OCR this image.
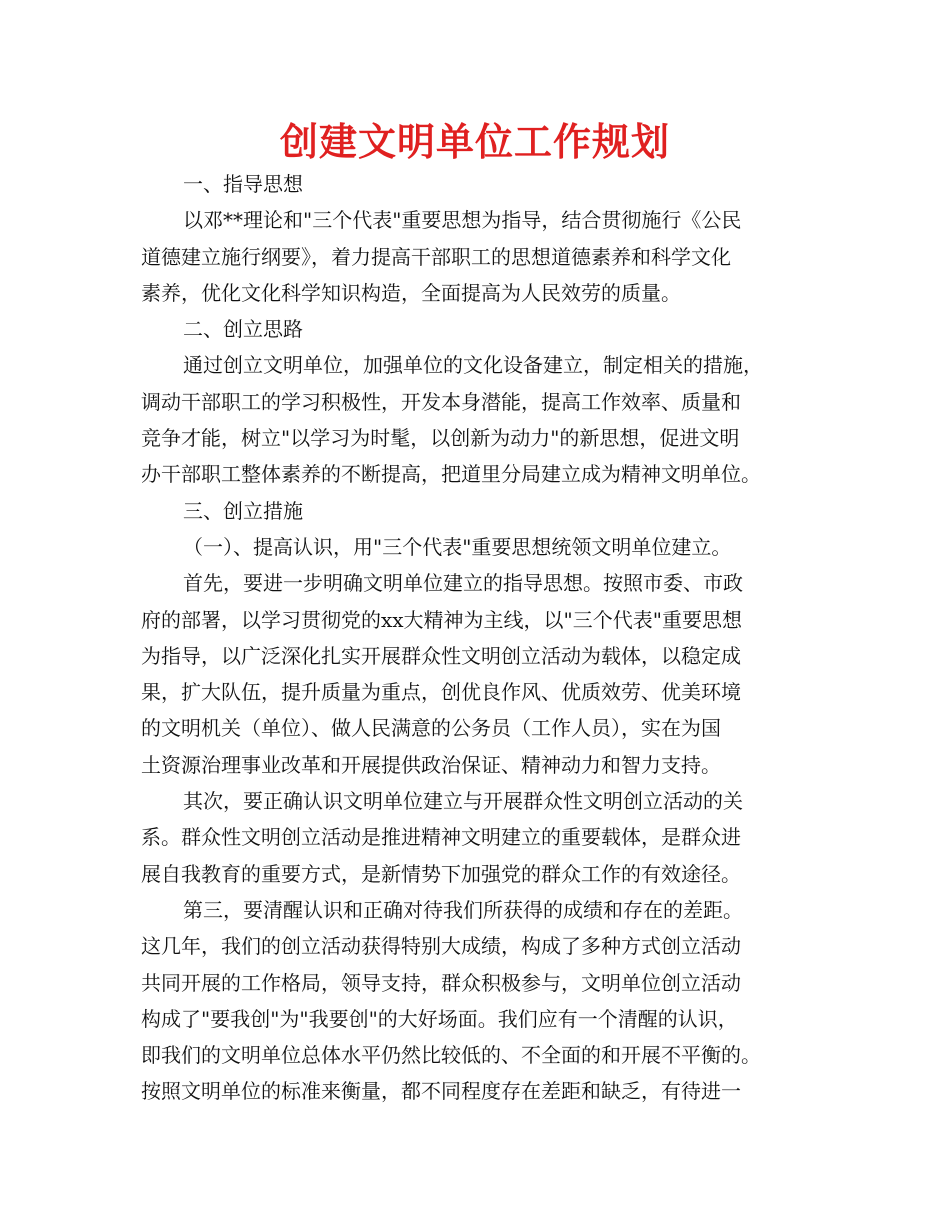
创建文明单位工作规划
一、指导思想
以邓**理论和"三个代表"重要思想为指导，结合贯彻施行《公民
道德建立施行纲要》，着力提高干部职工的思想道德素养和科学文化
素养，优化文化科学知识构造，全面提高为人民效劳的质量。
二、创立思路
通过创立文明单位，加强单位的文化设备建立，制定相关的措施，
调动干部职工的学习积极性，开发本身潜能，提高工作效率、质量和
竞争才能，树立"以学习为时髦，以创新为动力"的新思想，促进文明
办干部职工整体素养的不断提高，把道里分局建立成为精神文明单位。
三、创立措施
（一）、提高认识，用"三个代表"重要思想统领文明单位建立。
首先，要进一步明确文明单位建立的指导思想。按照市委、市政
府的部署，以学习贯彻党的xx大精神为主线，以"三个代表"重要思想
为指导，以广泛深化扎实开展群众性文明创立活动为载体，以稳定成
果，扩大队伍，提升质量为重点，创优良作风、优质效劳、优美环境
的文明机关（单位）、做人民满意的公务员（工作人员），实在为国
土资源治理事业改革和开展提供政治保证、精神动力和智力支持。
其次，要正确认识文明单位建立与开展群众性文明创立活动的关
系。群众性文明创立活动是推进精神文明建立的重要载体，是群众进
展自我教育的重要方式，是新情势下加强党的群众工作的有效途径。
第三，要清醒认识和正确对待我们所获得的成绩和存在的差距。
这几年，我们的创立活动获得特别大成绩，构成了多种方式创立活动
共同开展的工作格局，领导支持，群众积极参与，文明单位创立活动
构成了"要我创"为"我要创"的大好场面。我们应有一个清醒的认识，
即我们的文明单位总体水平仍然比较低的、不全面的和开展不平衡的。
按照文明单位的标准来衡量，都不同程度存在差距和缺乏，有待进一
